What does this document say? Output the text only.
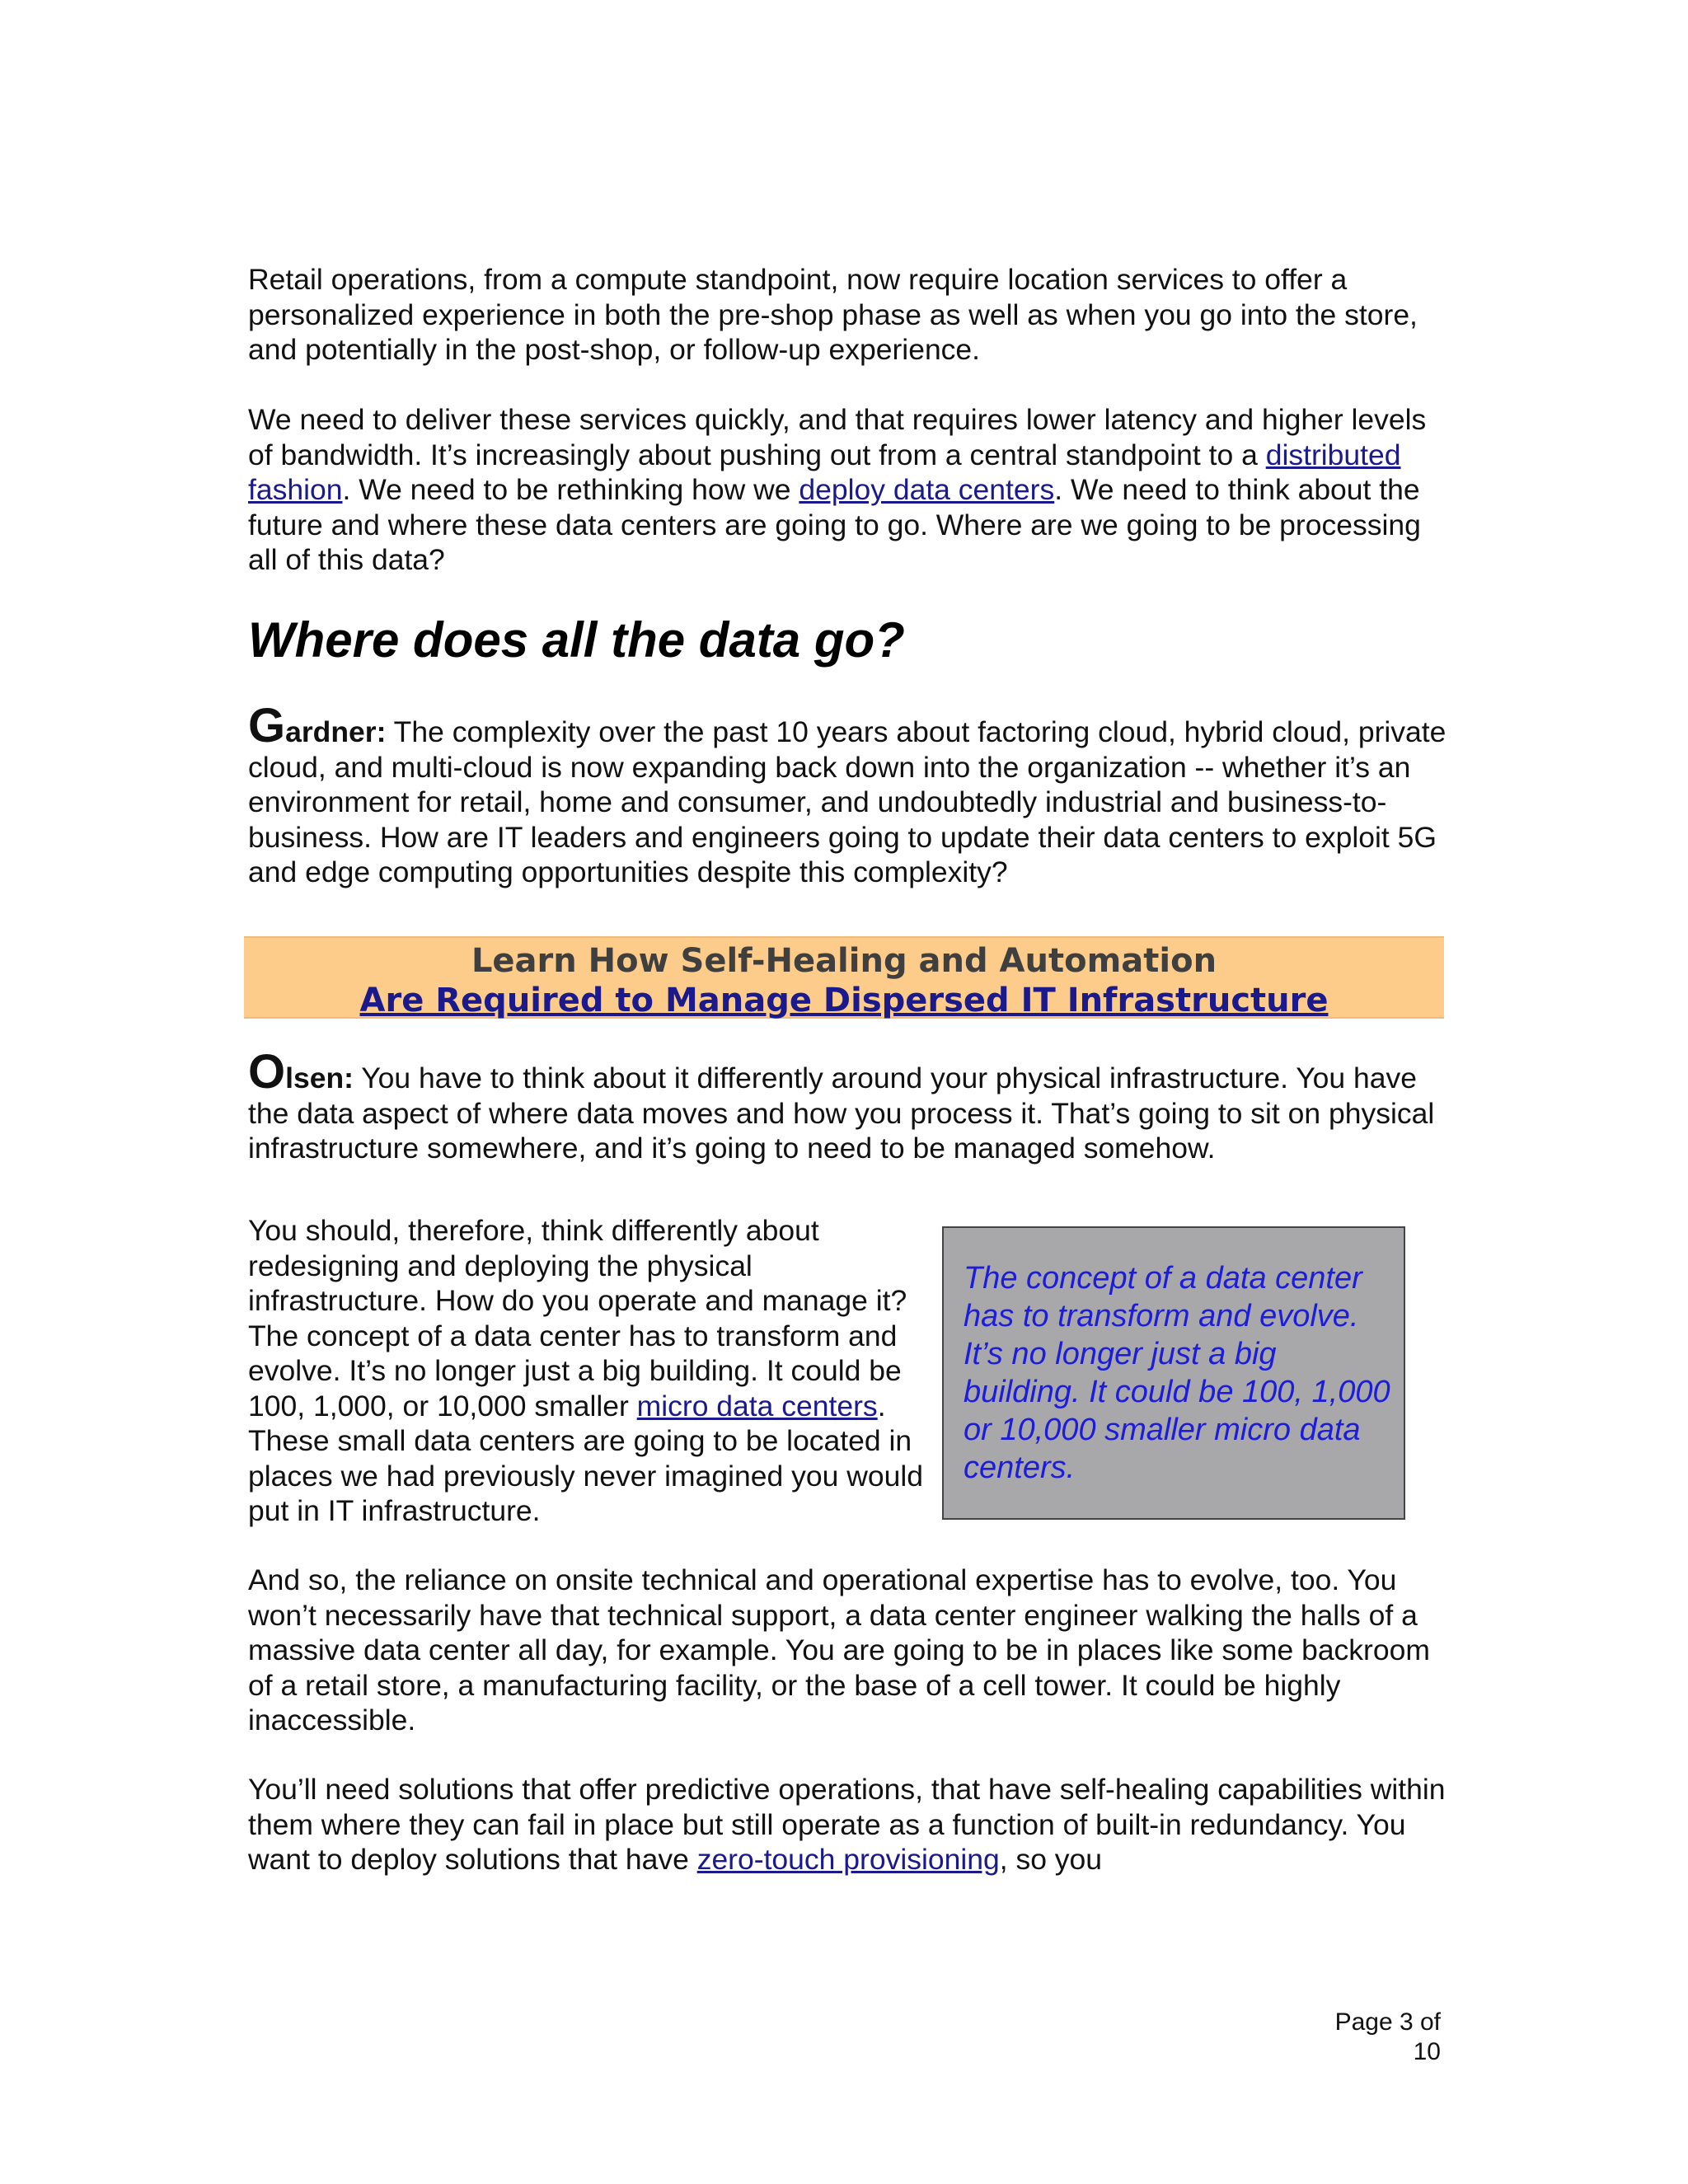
Retail operations, from a compute standpoint, now require location services to offer a personalized experience in both the pre-shop phase as well as when you go into the store, and potentially in the post-shop, or follow-up experience.

We need to deliver these services quickly, and that requires lower latency and higher levels of bandwidth. It’s increasingly about pushing out from a central standpoint to a distributed fashion. We need to be rethinking how we deploy data centers. We need to think about the future and where these data centers are going to go. Where are we going to be processing all of this data?

Where does all the data go?

Gardner: The complexity over the past 10 years about factoring cloud, hybrid cloud, private cloud, and multi-cloud is now expanding back down into the organization -- whether it’s an environment for retail, home and consumer, and undoubtedly industrial and business-to-business. How are IT leaders and engineers going to update their data centers to exploit 5G and edge computing opportunities despite this complexity?

Learn How Self-Healing and Automation
Are Required to Manage Dispersed IT Infrastructure

Olsen: You have to think about it differently around your physical infrastructure. You have the data aspect of where data moves and how you process it. That’s going to sit on physical infrastructure somewhere, and it’s going to need to be managed somehow.

You should, therefore, think differently about redesigning and deploying the physical infrastructure. How do you operate and manage it? The concept of a data center has to transform and evolve. It’s no longer just a big building. It could be 100, 1,000, or 10,000 smaller micro data centers. These small data centers are going to be located in places we had previously never imagined you would put in IT infrastructure.

The concept of a data center has to transform and evolve. It’s no longer just a big building. It could be 100, 1,000 or 10,000 smaller micro data centers.

And so, the reliance on onsite technical and operational expertise has to evolve, too. You won’t necessarily have that technical support, a data center engineer walking the halls of a massive data center all day, for example. You are going to be in places like some backroom of a retail store, a manufacturing facility, or the base of a cell tower. It could be highly inaccessible.

You’ll need solutions that offer predictive operations, that have self-healing capabilities within them where they can fail in place but still operate as a function of built-in redundancy. You want to deploy solutions that have zero-touch provisioning, so you

Page 3 of 10
